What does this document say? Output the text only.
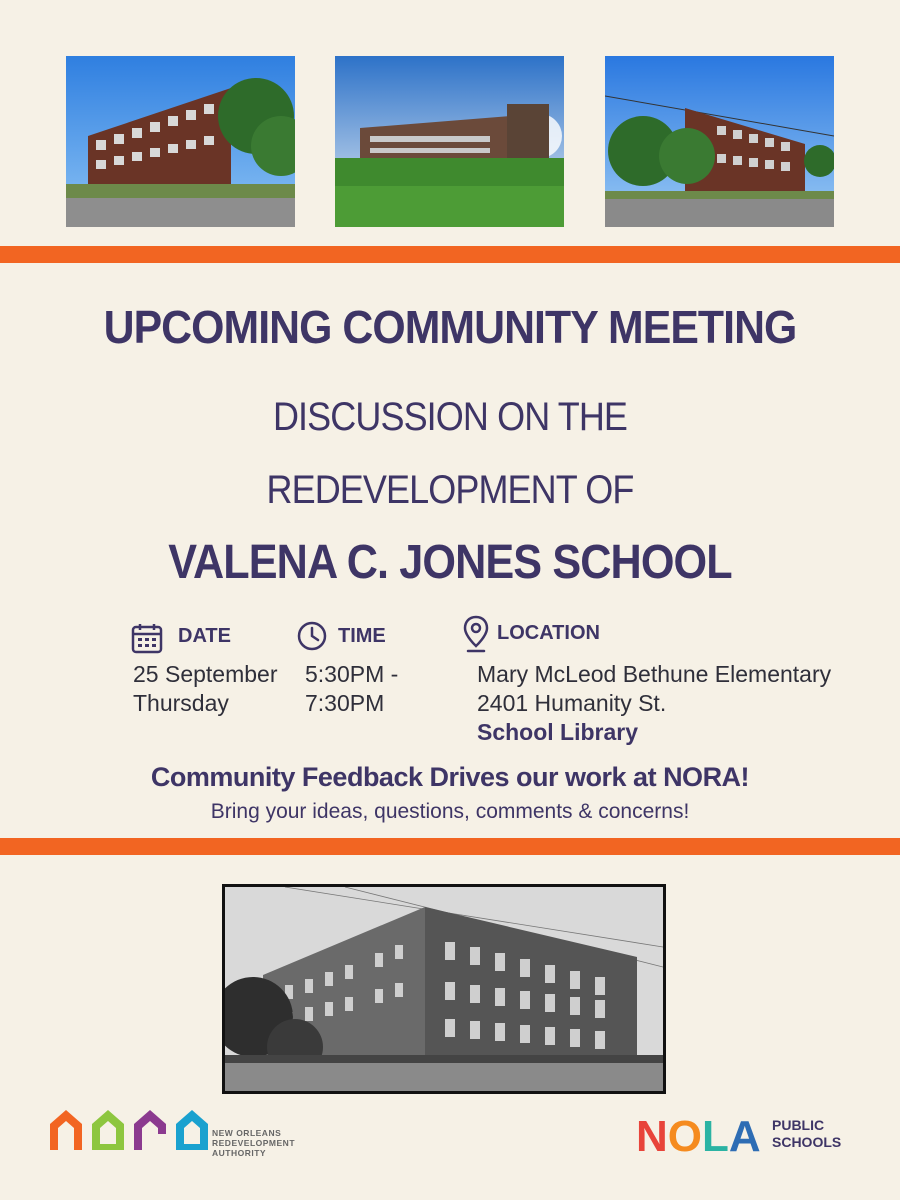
UPCOMING COMMUNITY MEETING
DISCUSSION ON THE
REDEVELOPMENT OF
VALENA C. JONES SCHOOL
DATE
25 September
Thursday
TIME
5:30PM -
7:30PM
LOCATION
Mary McLeod Bethune Elementary
2401 Humanity St.
School Library
Community Feedback Drives our work at NORA!
Bring your ideas, questions, comments & concerns!
NEW ORLEANS
REDEVELOPMENT
AUTHORITY	NOLA PUBLIC
SCHOOLS
